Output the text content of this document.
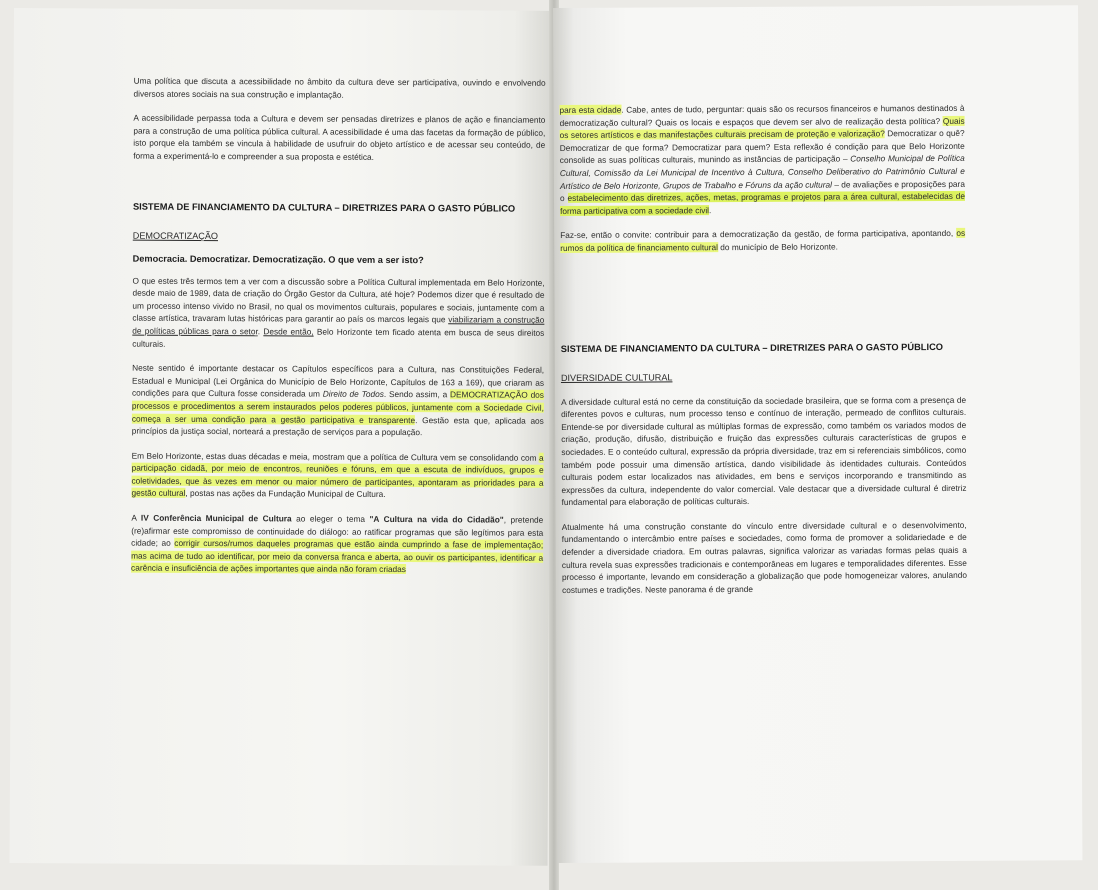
Uma política que discuta a acessibilidade no âmbito da cultura deve ser participativa, ouvindo e envolvendo diversos atores sociais na sua construção e implantação.

A acessibilidade perpassa toda a Cultura e devem ser pensadas diretrizes e planos de ação e financiamento para a construção de uma política pública cultural. A acessibilidade é uma das facetas da formação de público, isto porque ela também se vincula à habilidade de usufruir do objeto artístico e de acessar seu conteúdo, de forma a experimentá-lo e compreender a sua proposta e estética.

SISTEMA DE FINANCIAMENTO DA CULTURA – DIRETRIZES PARA O GASTO PÚBLICO
DEMOCRATIZAÇÃO
Democracia. Democratizar. Democratização. O que vem a ser isto?

O que estes três termos tem a ver com a discussão sobre a Política Cultural implementada em Belo Horizonte, desde maio de 1989, data de criação do Órgão Gestor da Cultura, até hoje? Podemos dizer que é resultado de um processo intenso vivido no Brasil, no qual os movimentos culturais, populares e sociais, juntamente com a classe artística, travaram lutas históricas para garantir ao país os marcos legais que viabilizariam a construção de políticas públicas para o setor. Desde então, Belo Horizonte tem ficado atenta em busca de seus direitos culturais.

Neste sentido é importante destacar os Capítulos específicos para a Cultura, nas Constituições Federal, Estadual e Municipal (Lei Orgânica do Município de Belo Horizonte, Capítulos de 163 a 169), que criaram as condições para que Cultura fosse considerada um Direito de Todos. Sendo assim, a DEMOCRATIZAÇÃO dos processos e procedimentos a serem instaurados pelos poderes públicos, juntamente com a Sociedade Civil, começa a ser uma condição para a gestão participativa e transparente. Gestão esta que, aplicada aos princípios da justiça social, norteará a prestação de serviços para a população.

Em Belo Horizonte, estas duas décadas e meia, mostram que a política de Cultura vem se consolidando com a participação cidadã, por meio de encontros, reuniões e fóruns, em que a escuta de indivíduos, grupos e coletividades, que às vezes em menor ou maior número de participantes, apontaram as prioridades para a gestão cultural, postas nas ações da Fundação Municipal de Cultura.

A IV Conferência Municipal de Cultura ao eleger o tema "A Cultura na vida do Cidadão", pretende (re)afirmar este compromisso de continuidade do diálogo: ao ratificar programas que são legítimos para esta cidade; ao corrigir cursos/rumos daqueles programas que estão ainda cumprindo a fase de implementação; mas acima de tudo ao identificar, por meio da conversa franca e aberta, ao ouvir os participantes, identificar a carência e insuficiência de ações importantes que ainda não foram criadas

para esta cidade. Cabe, antes de tudo, perguntar: quais são os recursos financeiros e humanos destinados à democratização cultural? Quais os locais e espaços que devem ser alvo de realização desta política? Quais os setores artísticos e das manifestações culturais precisam de proteção e valorização? Democratizar o quê? Democratizar de que forma? Democratizar para quem? Esta reflexão é condição para que Belo Horizonte consolide as suas políticas culturais, munindo as instâncias de participação – Conselho Municipal de Política Cultural, Comissão da Lei Municipal de Incentivo à Cultura, Conselho Deliberativo do Patrimônio Cultural e Artístico de Belo Horizonte, Grupos de Trabalho e Fóruns da ação cultural – de avaliações e proposições para o estabelecimento das diretrizes, ações, metas, programas e projetos para a área cultural, estabelecidas de forma participativa com a sociedade civil.

Faz-se, então o convite: contribuir para a democratização da gestão, de forma participativa, apontando, os rumos da política de financiamento cultural do município de Belo Horizonte.

SISTEMA DE FINANCIAMENTO DA CULTURA – DIRETRIZES PARA O GASTO PÚBLICO
DIVERSIDADE CULTURAL

A diversidade cultural está no cerne da constituição da sociedade brasileira, que se forma com a presença de diferentes povos e culturas, num processo tenso e contínuo de interação, permeado de conflitos culturais. Entende-se por diversidade cultural as múltiplas formas de expressão, como também os variados modos de criação, produção, difusão, distribuição e fruição das expressões culturais características de grupos e sociedades. E o conteúdo cultural, expressão da própria diversidade, traz em si referenciais simbólicos, como também pode possuir uma dimensão artística, dando visibilidade às identidades culturais. Conteúdos culturais podem estar localizados nas atividades, em bens e serviços incorporando e transmitindo as expressões da cultura, independente do valor comercial. Vale destacar que a diversidade cultural é diretriz fundamental para elaboração de políticas culturais.

Atualmente há uma construção constante do vínculo entre diversidade cultural e o desenvolvimento, fundamentando o intercâmbio entre países e sociedades, como forma de promover a solidariedade e de defender a diversidade criadora. Em outras palavras, significa valorizar as variadas formas pelas quais a cultura revela suas expressões tradicionais e contemporâneas em lugares e temporalidades diferentes. Esse processo é importante, levando em consideração a globalização que pode homogeneizar valores, anulando costumes e tradições. Neste panorama é de grande
